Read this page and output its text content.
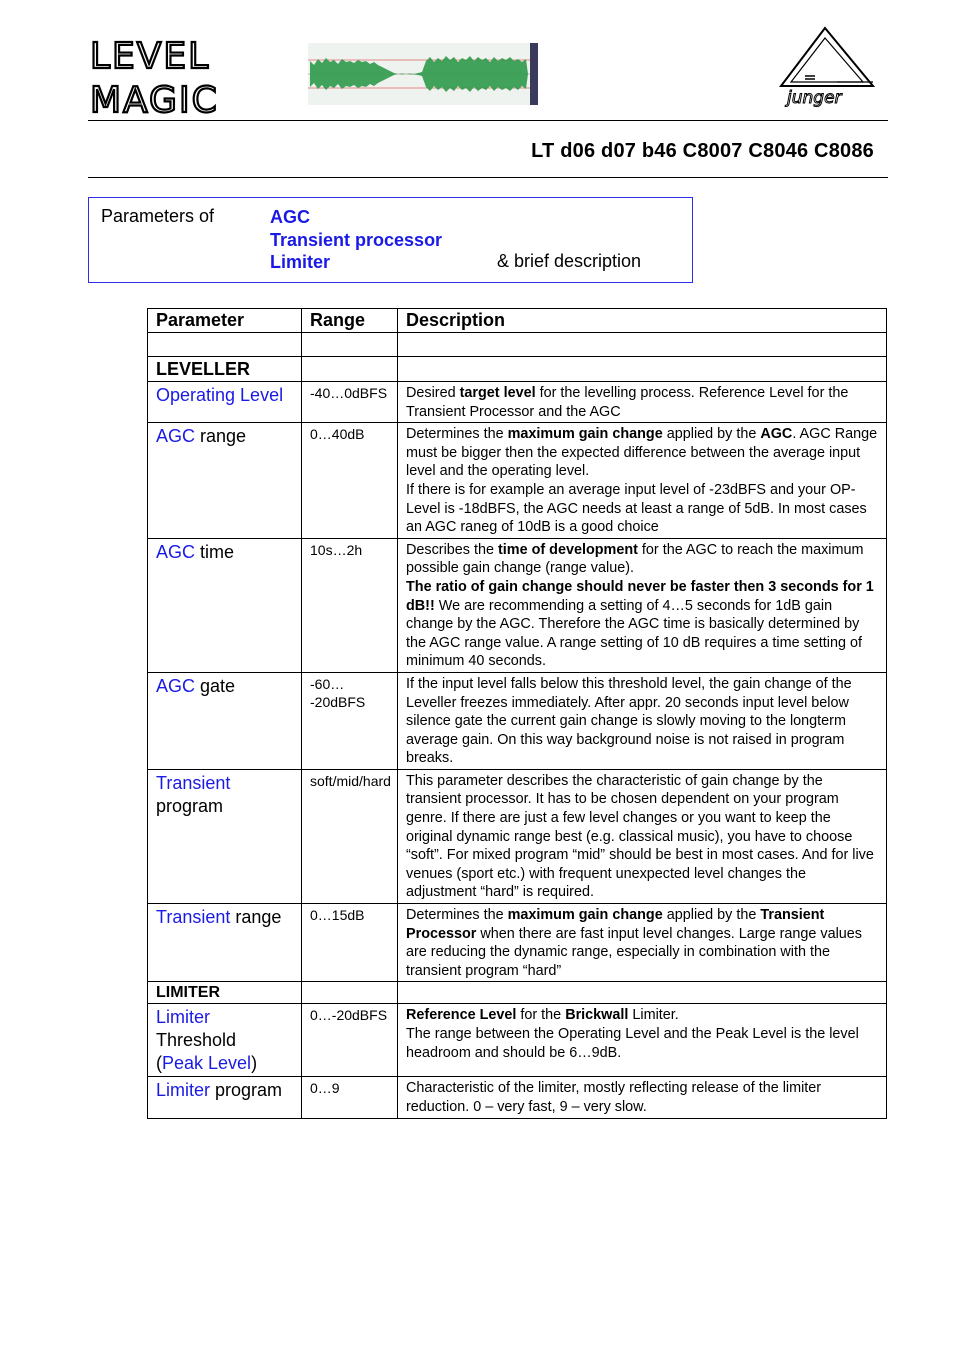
LEVEL
MAGIC	junger
LT d06 d07 b46 C8007 C8046 C8086
Parameters of	AGC
Transient processor
Limiter	& brief description
Parameter	Range	Description

LEVELLER		
Operating Level	-40…0dBFS	Desired target level for the levelling process. Reference Level for the Transient Processor and the AGC
AGC range	0…40dB	Determines the maximum gain change applied by the AGC. AGC Range must be bigger then the expected difference between the average input level and the operating level.
If there is for example an average input level of -23dBFS and your OP-Level is -18dBFS, the AGC needs at least a range of 5dB. In most cases an AGC raneg of 10dB is a good choice
AGC time	10s…2h	Describes the time of development for the AGC to reach the maximum possible gain change (range value).
The ratio of gain change should never be faster then 3 seconds for 1 dB!! We are recommending a setting of 4…5 seconds for 1dB gain change by the AGC. Therefore the AGC time is basically determined by the AGC range value. A range setting of 10 dB requires a time setting of minimum 40 seconds.
AGC gate	-60… -20dBFS	If the input level falls below this threshold level, the gain change of the Leveller freezes immediately. After appr. 20 seconds input level below silence gate the current gain change is slowly moving to the longterm average gain. On this way background noise is not raised in program breaks.
Transient
program	soft/mid/hard	This parameter describes the characteristic of gain change by the transient processor. It has to be chosen dependent on your program genre. If there are just a few level changes or you want to keep the original dynamic range best (e.g. classical music), you have to choose “soft”. For mixed program “mid” should be best in most cases. And for live venues (sport etc.) with frequent unexpected level changes the adjustment “hard” is required.
Transient range	0…15dB	Determines the maximum gain change applied by the Transient Processor when there are fast input level changes. Large range values are reducing the dynamic range, especially in combination with the transient program “hard”
LIMITER		
Limiter Threshold
(Peak Level)	0…-20dBFS	Reference Level for the Brickwall Limiter.
The range between the Operating Level and the Peak Level is the level headroom and should be 6…9dB.
Limiter program	0…9	Characteristic of the limiter, mostly reflecting release of the limiter reduction. 0 – very fast, 9 – very slow.
